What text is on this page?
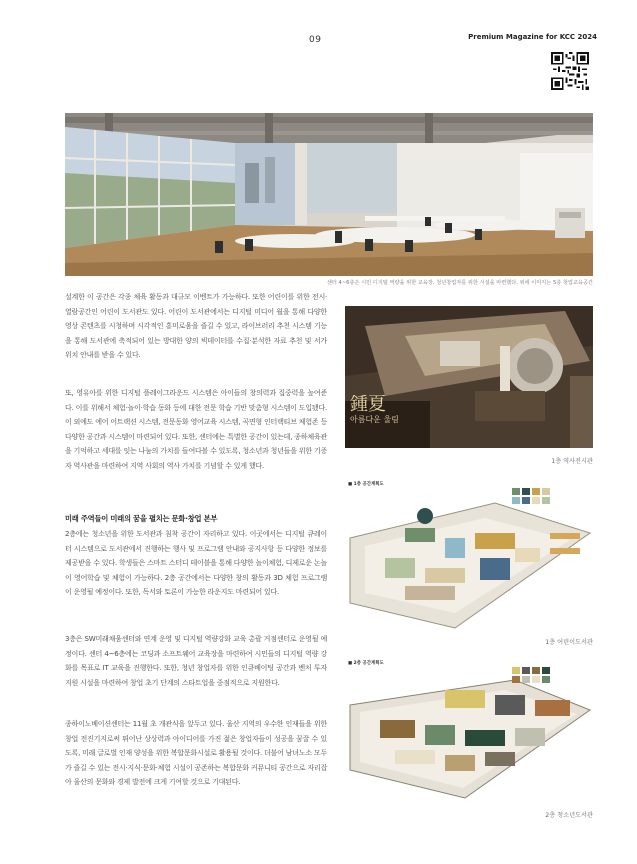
09	Premium Magazine for KCC 2024
센터 4~6층은 시민 디지털 역량을 위한 교육장, 청년창업자를 위한 시설을 마련했다. 위에 이미지는 5층 창업교육공간

설계한 이 공간은 각종 체육 활동과 대규모 이벤트가 가능하다. 또한 어린이를 위한 전시·열람공간인 어린이 도서관도 있다. 어린이 도서관에서는 디지털 미디어 월을 통해 다양한 영상 콘텐츠를 시청하며 시각적인 흥미로움을 즐길 수 있고, 라이브러리 추천 시스템 기능을 통해 도서관에 축적되어 있는 방대한 양의 빅데이터를 수집·분석한 자료 추천 및 서가 위치 안내를 받을 수 있다.

또, 영유아를 위한 디지털 플레이그라운드 시스템은 아이들의 창의력과 집중력을 높여준다. 이를 위해서 체험·놀이·학습 동화 등에 대한 전문 학습 기반 맞춤형 시스템이 도입됐다. 이 외에도 에어 어트랙션 시스템, 전문동화 영어교육 시스템, 곡면형 인터랙티브 체험존 등 다양한 공간과 시스템이 마련되어 있다. 또한, 센터에는 특별한 공간이 있는데, 종하체육관을 기억하고 세대를 잇는 나눔의 가치를 들여다볼 수 있도록, 청소년과 청년들을 위한 기증자 역사관을 마련하여 지역 사회의 역사 가치를 기념할 수 있게 했다.

미래 주역들이 미래의 꿈을 펼치는 문화·창업 본부

2층에는 청소년을 위한 도서관과 침착 공간이 자리하고 있다. 이곳에서는 디지털 큐레이터 시스템으로 도서관에서 진행하는 행사 및 프로그램 안내와 공지사항 등 다양한 정보를 제공받을 수 있다. 학생들은 스마트 스터디 테이블을 통해 다양한 놀이체험, 디제로운 논놀이 영어학습 및 체험이 가능하다. 2층 공간에서는 다양한 창의 활동과 3D 체험 프로그램이 운영될 예정이다. 또한, 독서와 토론이 가능한 라운지도 마련되어 있다.

3층은 SW미래채움센터와 연계 운영 및 디지털 역량강화 교육 총괄 거점센터로 운영될 예정이다. 센터 4~6층에는 코딩과 소프트웨어 교육장을 마련하여 시민들의 디지털 역량 강화를 목표로 IT 교육을 진행한다. 또한, 청년 창업자를 위한 인큐베이팅 공간과 벤처 투자 지원 시설을 마련하여 창업 초기 단계의 스타트업을 중점적으로 지원한다.

종하이노베이션센터는 11월 초 개관식을 앞두고 있다. 울산 지역의 우수한 인재들을 위한 창업 전진기지로써 뛰어난 상상력과 아이디어를 가진 젊은 창업자들이 성공을 꿈꿀 수 있도록, 미래 글로벌 인재 양성을 위한 복합문화시설로 활용될 것이다. 더불어 남녀노소 모두가 즐길 수 있는 전시·지식·문화·체험 시설이 공존하는 복합문화 커뮤니티 공간으로 자리잡아 울산의 문화와 경제 발전에 크게 기여할 것으로 기대된다.

鍾夏
아름다운 울림
1층 역사전시관
■ 1층 공간계획도
1층 어린이도서관
■ 2층 공간계획도
2층 청소년도서관
